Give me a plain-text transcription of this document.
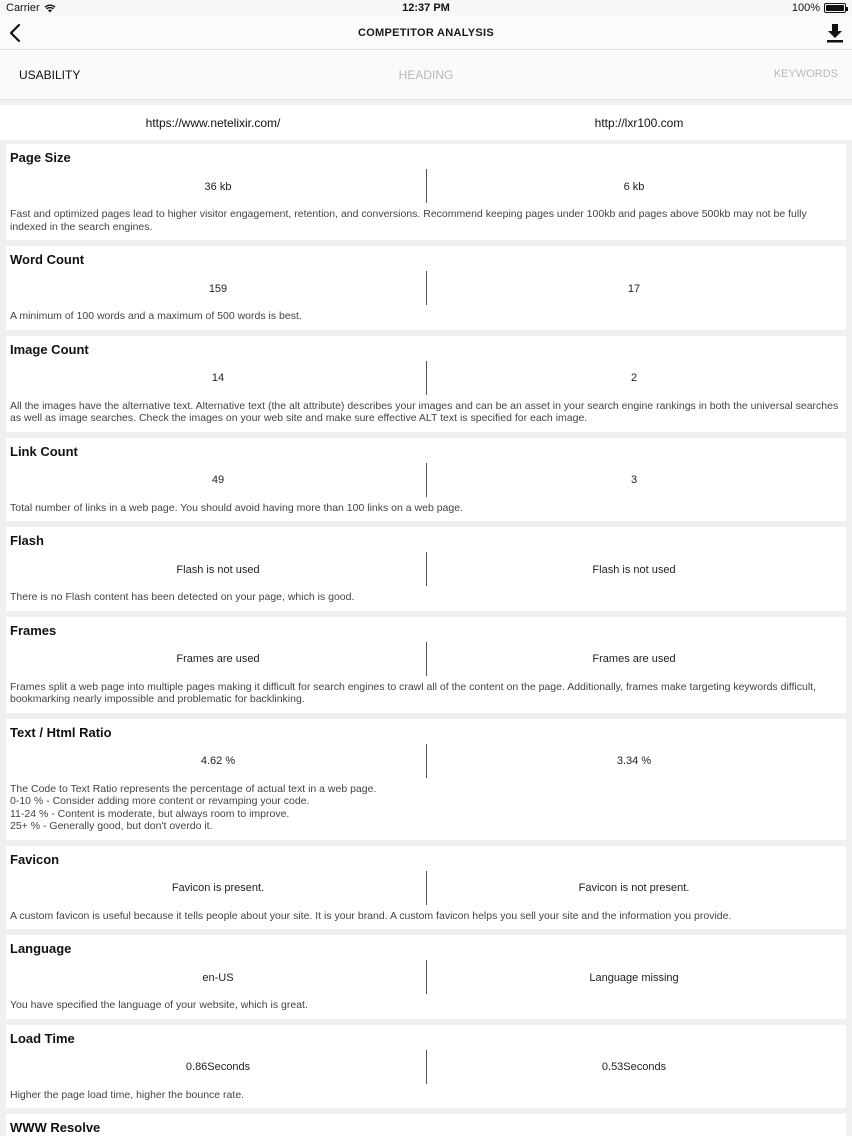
Carrier	12:37 PM	100%
COMPETITOR ANALYSIS
USABILITY	HEADING	KEYWORDS
https://www.netelixir.com/	http://lxr100.com
Page Size
36 kb	6 kb
Fast and optimized pages lead to higher visitor engagement, retention, and conversions. Recommend keeping pages under 100kb and pages above 500kb may not be fully indexed in the search engines.
Word Count
159	17
A minimum of 100 words and a maximum of 500 words is best.
Image Count
14	2
All the images have the alternative text. Alternative text (the alt attribute) describes your images and can be an asset in your search engine rankings in both the universal searches as well as image searches. Check the images on your web site and make sure effective ALT text is specified for each image.
Link Count
49	3
Total number of links in a web page. You should avoid having more than 100 links on a web page.
Flash
Flash is not used	Flash is not used
There is no Flash content has been detected on your page, which is good.
Frames
Frames are used	Frames are used
Frames split a web page into multiple pages making it difficult for search engines to crawl all of the content on the page. Additionally, frames make targeting keywords difficult, bookmarking nearly impossible and problematic for backlinking.
Text / Html Ratio
4.62 %	3.34 %
The Code to Text Ratio represents the percentage of actual text in a web page.
0-10 % - Consider adding more content or revamping your code.
11-24 % - Content is moderate, but always room to improve.
25+ % - Generally good, but don't overdo it.
Favicon
Favicon is present.	Favicon is not present.
A custom favicon is useful because it tells people about your site. It is your brand. A custom favicon helps you sell your site and the information you provide.
Language
en-US	Language missing
You have specified the language of your website, which is great.
Load Time
0.86Seconds	0.53Seconds
Higher the page load time, higher the bounce rate.
WWW Resolve
